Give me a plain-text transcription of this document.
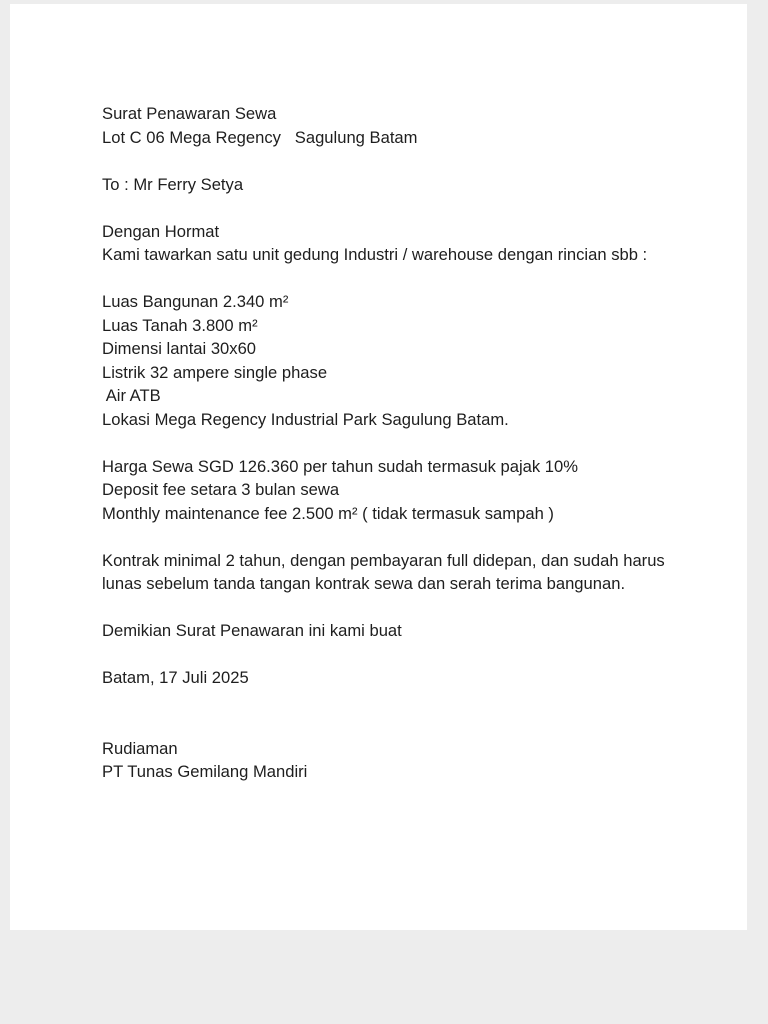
Surat Penawaran Sewa
Lot C 06 Mega Regency   Sagulung Batam
To : Mr Ferry Setya
Dengan Hormat
Kami tawarkan satu unit gedung Industri / warehouse dengan rincian sbb :
Luas Bangunan 2.340 m²
Luas Tanah 3.800 m²
Dimensi lantai 30x60
Listrik 32 ampere single phase
Air ATB
Lokasi Mega Regency Industrial Park Sagulung Batam.
Harga Sewa SGD 126.360 per tahun sudah termasuk pajak 10%
Deposit fee setara 3 bulan sewa
Monthly maintenance fee 2.500 m² ( tidak termasuk sampah )
Kontrak minimal 2 tahun, dengan pembayaran full didepan, dan sudah harus lunas sebelum tanda tangan kontrak sewa dan serah terima bangunan.
Demikian Surat Penawaran ini kami buat
Batam, 17 Juli 2025
Rudiaman
PT Tunas Gemilang Mandiri
